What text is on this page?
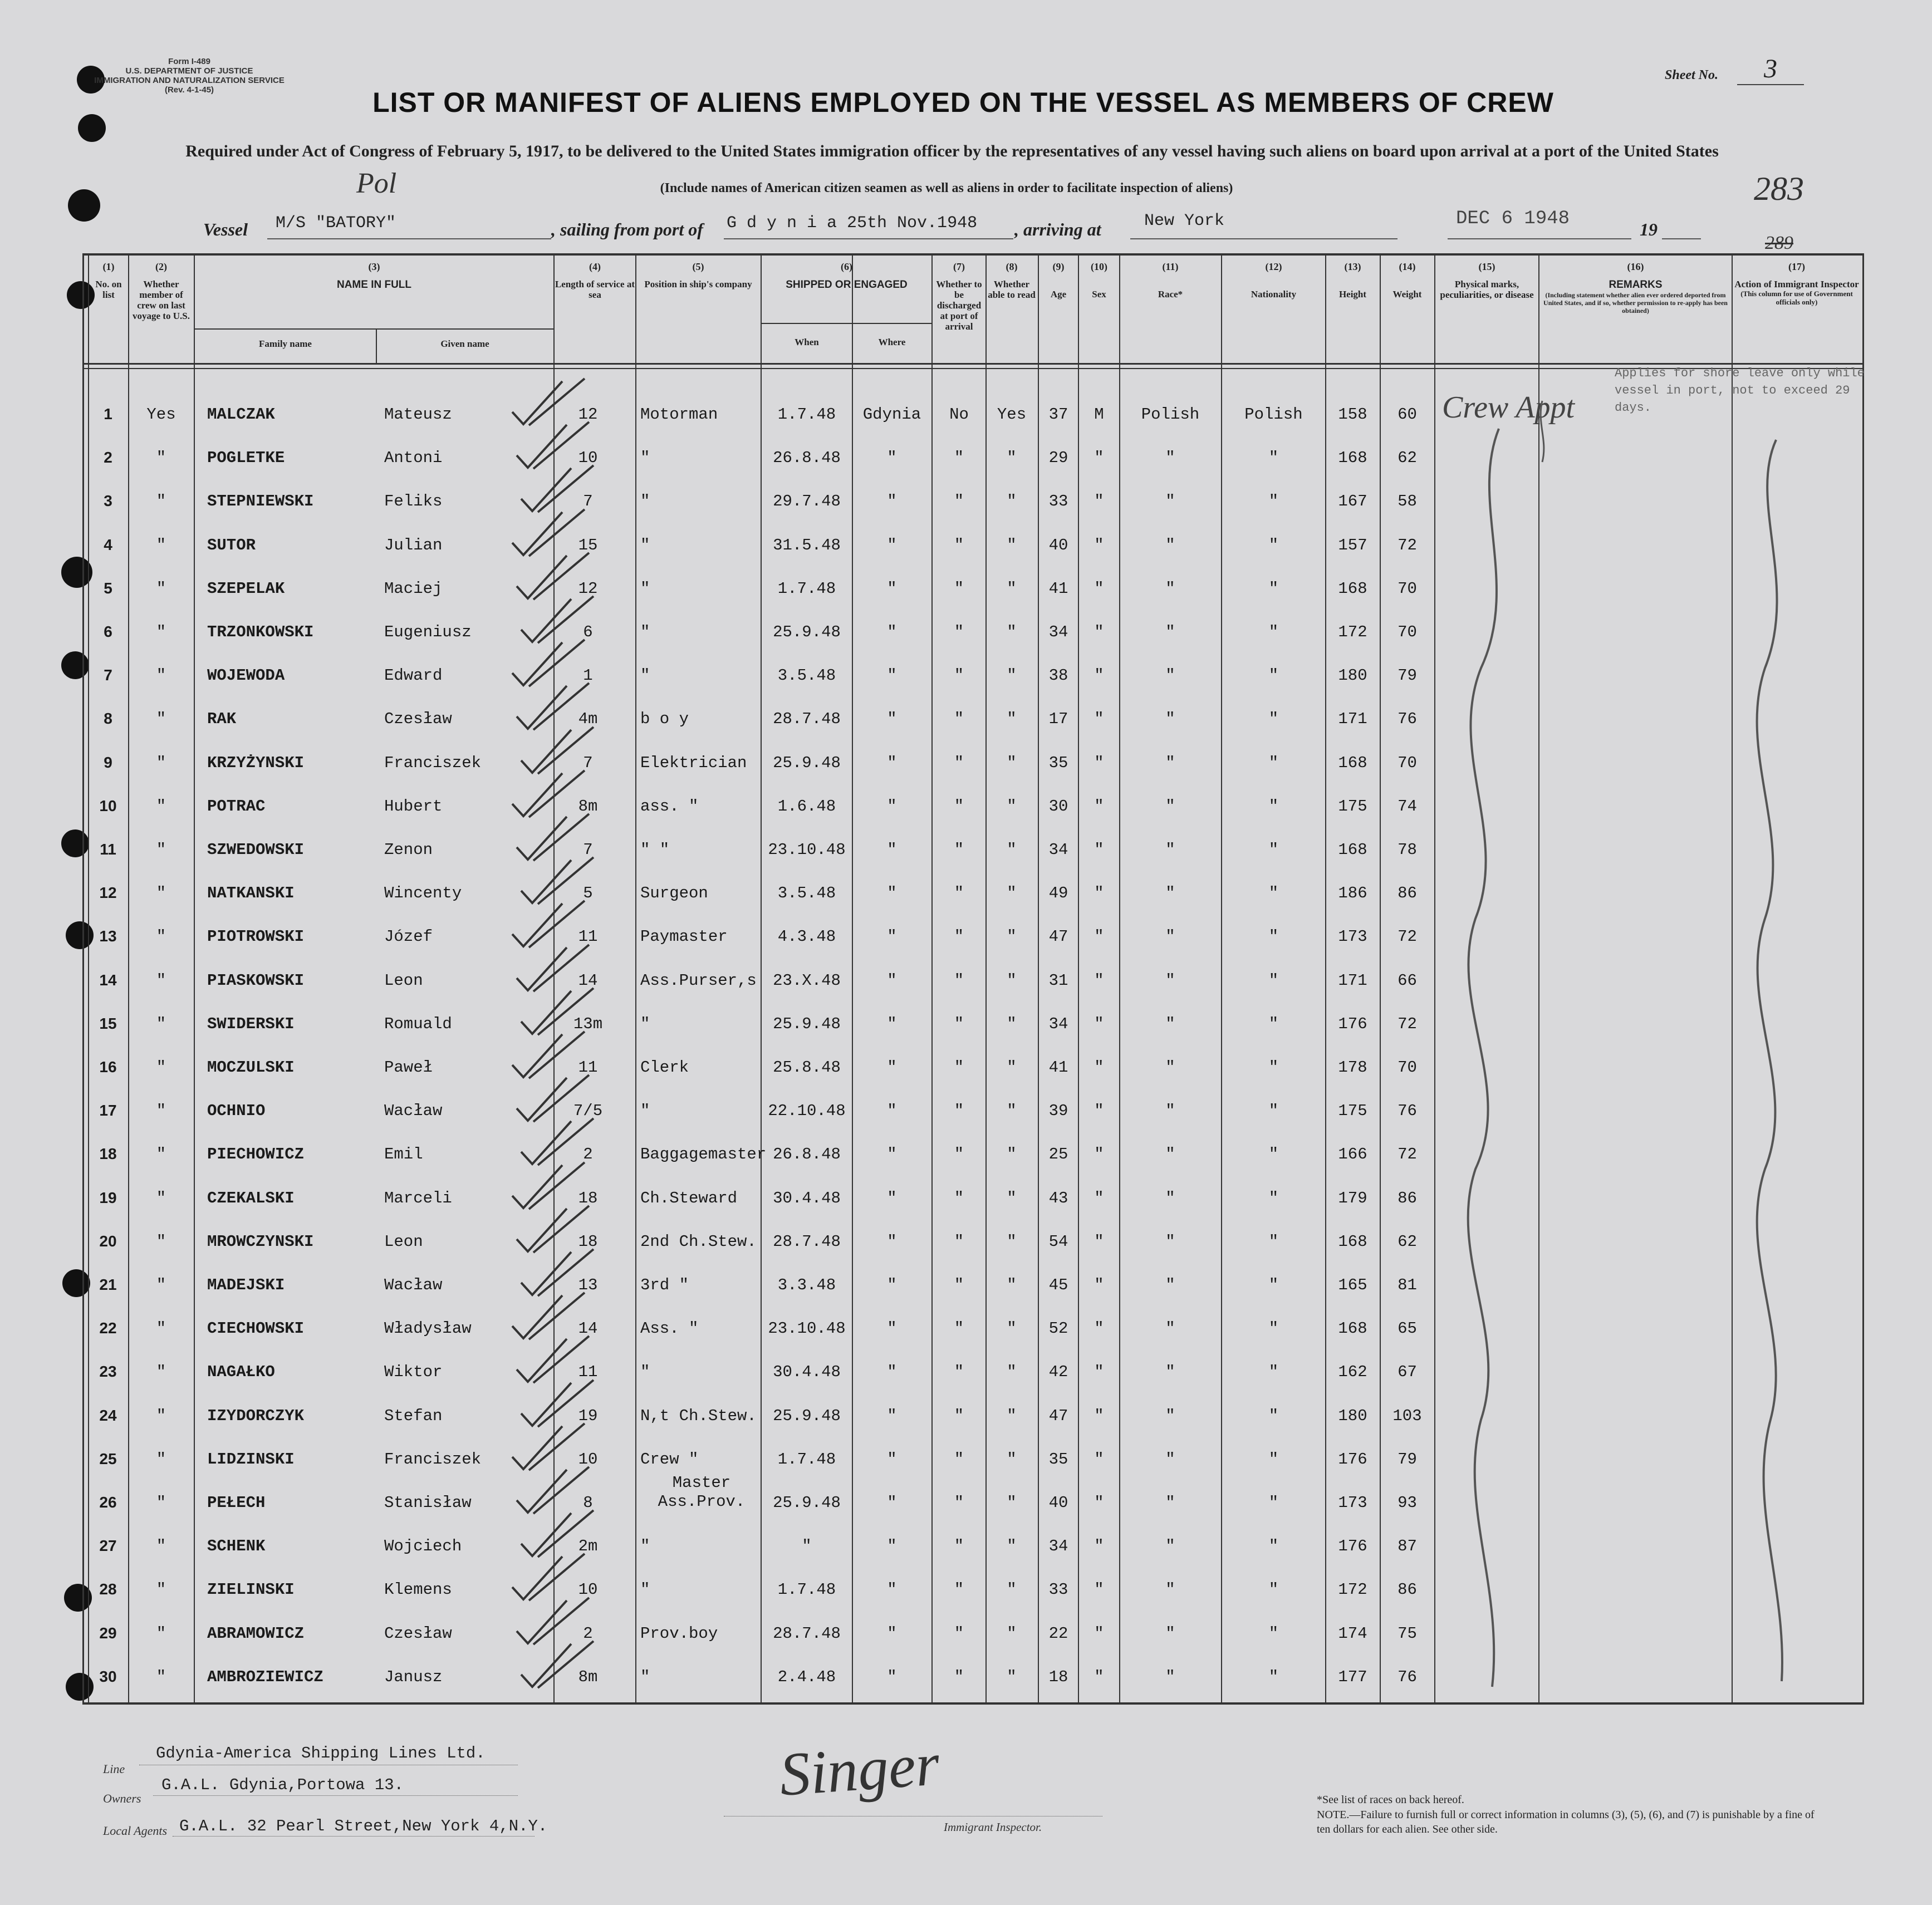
Form I-489
U.S. DEPARTMENT OF JUSTICE
IMMIGRATION AND NATURALIZATION SERVICE
(Rev. 4-1-45)
Sheet No.	3
LIST OR MANIFEST OF ALIENS EMPLOYED ON THE VESSEL AS MEMBERS OF CREW
Required under Act of Congress of February 5, 1917, to be delivered to the United States immigration officer by the representatives of any vessel having such aliens on board upon arrival at a port of the United States
(Include names of American citizen seamen as well as aliens in order to facilitate inspection of aliens)	283
289
Pol
Vessel M/S "BATORY"	, sailing from port of G d y n i a 25th Nov.1948 , arriving at	New York	DEC 6 1948	19
(1)
No. on list
(2)
Whether member of crew on last voyage to U.S.
(3)
NAME IN FULL
Family name	Given name
(4)
Length of service at sea
(5)
Position in ship's company
(6)
SHIPPED OR ENGAGED
When	Where
(7)
Whether to be discharged at port of arrival
(8)
Whether able to read
(9)
Age
(10)
Sex
(11)
Race*
(12)
Nationality
(13)
Height
(14)
Weight
(15)
Physical marks, peculiarities, or disease
(16)
REMARKS
(Including statement whether alien ever ordered deported from United States, and if so, whether permission to re-apply has been obtained)
(17)
Action of Immigrant Inspector
(This column for use of Government officials only)
Applies for shore leave only while vessel in port, not to exceed 29 days.
Crew Appt
1	Yes	MALCZAK	Mateusz	12	Motorman	1.7.48	Gdynia	No	Yes	37	M	Polish	Polish	158	60
2	"	POGLETKE	Antoni	10	"	26.8.48	"	"	"	29	"	"	"	168	62
3	"	STEPNIEWSKI	Feliks	7	"	29.7.48	"	"	"	33	"	"	"	167	58
4	"	SUTOR	Julian	15	"	31.5.48	"	"	"	40	"	"	"	157	72
5	"	SZEPELAK	Maciej	12	"	1.7.48	"	"	"	41	"	"	"	168	70
6	"	TRZONKOWSKI	Eugeniusz	6	"	25.9.48	"	"	"	34	"	"	"	172	70
7	"	WOJEWODA	Edward	1	"	3.5.48	"	"	"	38	"	"	"	180	79
8	"	RAK	Czesław	4m	b o y	28.7.48	"	"	"	17	"	"	"	171	76
9	"	KRZYŻYNSKI	Franciszek	7	Elektrician	25.9.48	"	"	"	35	"	"	"	168	70
10	"	POTRAC	Hubert	8m	ass. "	1.6.48	"	"	"	30	"	"	"	175	74
11	"	SZWEDOWSKI	Zenon	7	" "	23.10.48	"	"	"	34	"	"	"	168	78
12	"	NATKANSKI	Wincenty	5	Surgeon	3.5.48	"	"	"	49	"	"	"	186	86
13	"	PIOTROWSKI	Józef	11	Paymaster	4.3.48	"	"	"	47	"	"	"	173	72
14	"	PIASKOWSKI	Leon	14	Ass.Purser,s	23.X.48	"	"	"	31	"	"	"	171	66
15	"	SWIDERSKI	Romuald	13m	"	25.9.48	"	"	"	34	"	"	"	176	72
16	"	MOCZULSKI	Paweł	11	Clerk	25.8.48	"	"	"	41	"	"	"	178	70
17	"	OCHNIO	Wacław	7/5	"	22.10.48	"	"	"	39	"	"	"	175	76
18	"	PIECHOWICZ	Emil	2	Baggagemaster 26.8.48	"	"	"	25	"	"	"	166	72
19	"	CZEKALSKI	Marceli	18	Ch.Steward	30.4.48	"	"	"	43	"	"	"	179	86
20	"	MROWCZYNSKI	Leon	18	2nd Ch.Stew.	28.7.48	"	"	"	54	"	"	"	168	62
21	"	MADEJSKI	Wacław	13	3rd "	3.3.48	"	"	"	45	"	"	"	165	81
22	"	CIECHOWSKI	Władysław	14	Ass. "	23.10.48	"	"	"	52	"	"	"	168	65
23	"	NAGAŁKO	Wiktor	11	"	30.4.48	"	"	"	42	"	"	"	162	67
24	"	IZYDORCZYK	Stefan	19	N,t Ch.Stew.	25.9.48	"	"	"	47	"	"	"	180	103
25	"	LIDZINSKI	Franciszek	10	Crew "	1.7.48	"	"	"	35	"	"	"	176	79
26	"	PEŁECH	Stanisław	8
Master
Ass.Prov.	25.9.48	"	"	"	40	"	"	"	173	93
27	"	SCHENK	Wojciech	2m	"	"	"	"	"	34	"	"	"	176	87
28	"	ZIELINSKI	Klemens	10	"	1.7.48	"	"	"	33	"	"	"	172	86
29	"	ABRAMOWICZ	Czesław	2	Prov.boy	28.7.48	"	"	"	22	"	"	"	174	75
30	"	AMBROZIEWICZ	Janusz	8m	"	2.4.48	"	"	"	18	"	"	"	177	76
Line
Gdynia-America Shipping Lines Ltd.
Owners
G.A.L. Gdynia,Portowa 13.
Local Agents G.A.L. 32 Pearl Street,New York 4,N.Y.
Singer
Immigrant Inspector.
*See list of races on back hereof.
NOTE.—Failure to furnish full or correct information in columns (3), (5), (6), and (7) is punishable by a fine of ten dollars for each alien. See other side.
